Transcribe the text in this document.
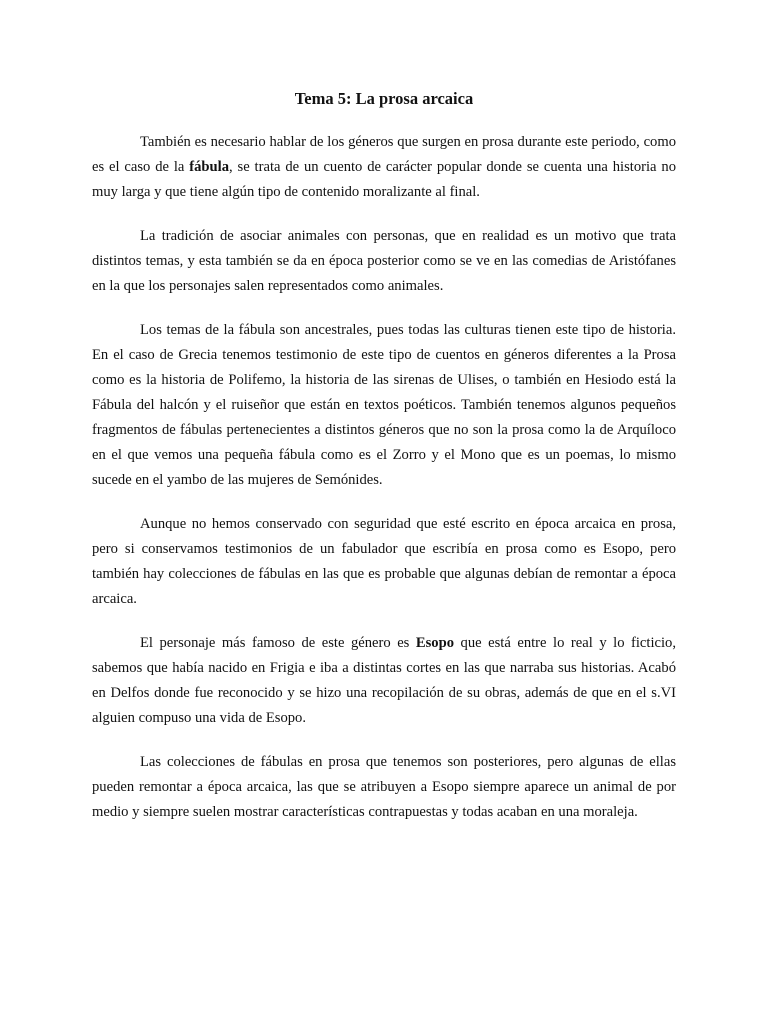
Tema 5: La prosa arcaica

También es necesario hablar de los géneros que surgen en prosa durante este periodo, como es el caso de la fábula, se trata de un cuento de carácter popular donde se cuenta una historia no muy larga y que tiene algún tipo de contenido moralizante al final.

La tradición de asociar animales con personas, que en realidad es un motivo que trata distintos temas, y esta también se da en época posterior como se ve en las comedias de Aristófanes en la que los personajes salen representados como animales.

Los temas de la fábula son ancestrales, pues todas las culturas tienen este tipo de historia. En el caso de Grecia tenemos testimonio de este tipo de cuentos en géneros diferentes a la Prosa como es la historia de Polifemo, la historia de las sirenas de Ulises, o también en Hesiodo está la Fábula del halcón y el ruiseñor que están en textos poéticos. También tenemos algunos pequeños fragmentos de fábulas pertenecientes a distintos géneros que no son la prosa como la de Arquíloco en el que vemos una pequeña fábula como es el Zorro y el Mono que es un poemas, lo mismo sucede en el yambo de las mujeres de Semónides.

Aunque no hemos conservado con seguridad que esté escrito en época arcaica en prosa, pero si conservamos testimonios de un fabulador que escribía en prosa como es Esopo, pero también hay colecciones de fábulas en las que es probable que algunas debían de remontar a época arcaica.

El personaje más famoso de este género es Esopo que está entre lo real y lo ficticio, sabemos que había nacido en Frigia e iba a distintas cortes en las que narraba sus historias. Acabó en Delfos donde fue reconocido y se hizo una recopilación de su obras, además de que en el s.VI alguien compuso una vida de Esopo.

Las colecciones de fábulas en prosa que tenemos son posteriores, pero algunas de ellas pueden remontar a época arcaica, las que se atribuyen a Esopo siempre aparece un animal de por medio y siempre suelen mostrar características contrapuestas y todas acaban en una moraleja.
